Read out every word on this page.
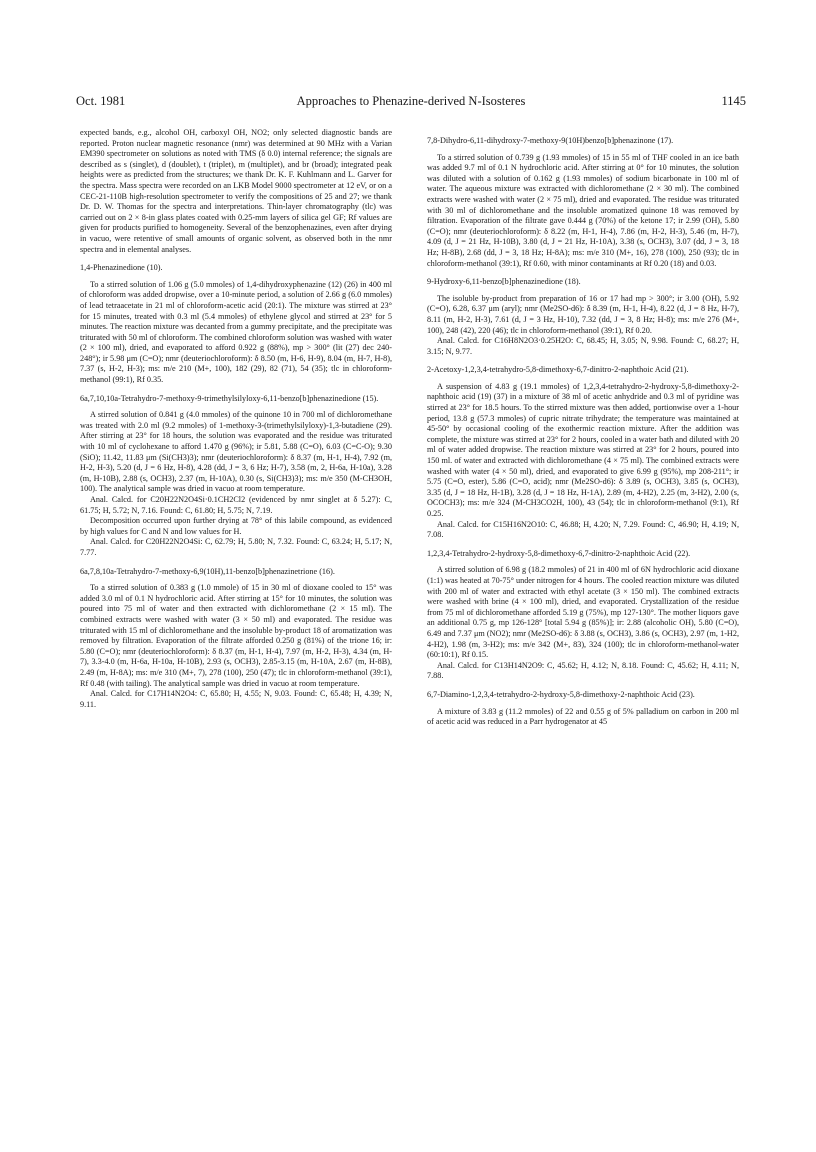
Oct. 1981	Approaches to Phenazine-derived N-Isosteres	1145

expected bands, e.g., alcohol OH, carboxyl OH, NO2; only selected diagnostic bands are reported. Proton nuclear magnetic resonance (nmr) was determined at 90 MHz with a Varian EM390 spectrometer on solutions as noted with TMS (δ 0.0) internal reference; the signals are described as s (singlet), d (doublet), t (triplet), m (multiplet), and br (broad); integrated peak heights were as predicted from the structures; we thank Dr. K. F. Kuhlmann and L. Garver for the spectra. Mass spectra were recorded on an LKB Model 9000 spectrometer at 12 eV, or on a CEC-21-110B high-resolution spectrometer to verify the compositions of 25 and 27; we thank Dr. D. W. Thomas for the spectra and interpretations. Thin-layer chromatography (tlc) was carried out on 2 × 8-in glass plates coated with 0.25-mm layers of silica gel GF; Rf values are given for products purified to homogeneity. Several of the benzophenazines, even after drying in vacuo, were retentive of small amounts of organic solvent, as observed both in the nmr spectra and in elemental analyses.

1,4-Phenazinedione (10).

To a stirred solution of 1.06 g (5.0 mmoles) of 1,4-dihydroxyphenazine (12) (26) in 400 ml of chloroform was added dropwise, over a 10-minute period, a solution of 2.66 g (6.0 mmoles) of lead tetraacetate in 21 ml of chloroform-acetic acid (20:1). The mixture was stirred at 23° for 15 minutes, treated with 0.3 ml (5.4 mmoles) of ethylene glycol and stirred at 23° for 5 minutes. The reaction mixture was decanted from a gummy precipitate, and the precipitate was triturated with 50 ml of chloroform. The combined chloroform solution was washed with water (2 × 100 ml), dried, and evaporated to afford 0.922 g (88%), mp > 300° (lit (27) dec 240-248°); ir 5.98 μm (C=O); nmr (deuteriochloroform): δ 8.50 (m, H-6, H-9), 8.04 (m, H-7, H-8), 7.37 (s, H-2, H-3); ms: m/e 210 (M+, 100), 182 (29), 82 (71), 54 (35); tlc in chloroform-methanol (99:1), Rf 0.35.

6a,7,10,10a-Tetrahydro-7-methoxy-9-trimethylsilyloxy-6,11-benzo[b]phenazinedione (15).

A stirred solution of 0.841 g (4.0 mmoles) of the quinone 10 in 700 ml of dichloromethane was treated with 2.0 ml (9.2 mmoles) of 1-methoxy-3-(trimethylsilyloxy)-1,3-butadiene (29). After stirring at 23° for 18 hours, the solution was evaporated and the residue was triturated with 10 ml of cyclohexane to afford 1.470 g (96%); ir 5.81, 5.88 (C=O), 6.03 (C=C-O); 9.30 (SiO); 11.42, 11.83 μm (Si(CH3)3); nmr (deuteriochloroform): δ 8.37 (m, H-1, H-4), 7.92 (m, H-2, H-3), 5.20 (d, J = 6 Hz, H-8), 4.28 (dd, J = 3, 6 Hz; H-7), 3.58 (m, 2, H-6a, H-10a), 3.28 (m, H-10B), 2.88 (s, OCH3), 2.37 (m, H-10A), 0.30 (s, Si(CH3)3); ms: m/e 350 (M-CH3OH, 100). The analytical sample was dried in vacuo at room temperature.

Anal. Calcd. for C20H22N2O4Si·0.1CH2Cl2 (evidenced by nmr singlet at δ 5.27): C, 61.75; H, 5.72; N, 7.16. Found: C, 61.80; H, 5.75; N, 7.19.

Decomposition occurred upon further drying at 78° of this labile compound, as evidenced by high values for C and N and low values for H.

Anal. Calcd. for C20H22N2O4Si: C, 62.79; H, 5.80; N, 7.32. Found: C, 63.24; H, 5.17; N, 7.77.

6a,7,8,10a-Tetrahydro-7-methoxy-6,9(10H),11-benzo[b]phenazinetrione (16).

To a stirred solution of 0.383 g (1.0 mmole) of 15 in 30 ml of dioxane cooled to 15° was added 3.0 ml of 0.1 N hydrochloric acid. After stirring at 15° for 10 minutes, the solution was poured into 75 ml of water and then extracted with dichloromethane (2 × 15 ml). The combined extracts were washed with water (3 × 50 ml) and evaporated. The residue was triturated with 15 ml of dichloromethane and the insoluble by-product 18 of aromatization was removed by filtration. Evaporation of the filtrate afforded 0.250 g (81%) of the trione 16; ir: 5.80 (C=O); nmr (deuteriochloroform): δ 8.37 (m, H-1, H-4), 7.97 (m, H-2, H-3), 4.34 (m, H-7), 3.3-4.0 (m, H-6a, H-10a, H-10B), 2.93 (s, OCH3), 2.85-3.15 (m, H-10A, 2.67 (m, H-8B), 2.49 (m, H-8A); ms: m/e 310 (M+, 7), 278 (100), 250 (47); tlc in chloroform-methanol (39:1), Rf 0.48 (with tailing). The analytical sample was dried in vacuo at room temperature.

Anal. Calcd. for C17H14N2O4: C, 65.80; H, 4.55; N, 9.03. Found: C, 65.48; H, 4.39; N, 9.11.

7,8-Dihydro-6,11-dihydroxy-7-methoxy-9(10H)benzo[b]phenazinone (17).

To a stirred solution of 0.739 g (1.93 mmoles) of 15 in 55 ml of THF cooled in an ice bath was added 9.7 ml of 0.1 N hydrochloric acid. After stirring at 0° for 10 minutes, the solution was diluted with a solution of 0.162 g (1.93 mmoles) of sodium bicarbonate in 100 ml of water. The aqueous mixture was extracted with dichloromethane (2 × 30 ml). The combined extracts were washed with water (2 × 75 ml), dried and evaporated. The residue was triturated with 30 ml of dichloromethane and the insoluble aromatized quinone 18 was removed by filtration. Evaporation of the filtrate gave 0.444 g (70%) of the ketone 17; ir 2.99 (OH), 5.80 (C=O); nmr (deuteriochloroform): δ 8.22 (m, H-1, H-4), 7.86 (m, H-2, H-3), 5.46 (m, H-7), 4.09 (d, J = 21 Hz, H-10B), 3.80 (d, J = 21 Hz, H-10A), 3.38 (s, OCH3), 3.07 (dd, J = 3, 18 Hz; H-8B), 2.68 (dd, J = 3, 18 Hz; H-8A); ms: m/e 310 (M+, 16), 278 (100), 250 (93); tlc in chloroform-methanol (39:1), Rf 0.60, with minor contaminants at Rf 0.20 (18) and 0.03.

9-Hydroxy-6,11-benzo[b]phenazinedione (18).

The isoluble by-product from preparation of 16 or 17 had mp > 300°; ir 3.00 (OH), 5.92 (C=O), 6.28, 6.37 μm (aryl); nmr (Me2SO-d6): δ 8.39 (m, H-1, H-4), 8.22 (d, J = 8 Hz, H-7), 8.11 (m, H-2, H-3), 7.61 (d, J = 3 Hz, H-10), 7.32 (dd, J = 3, 8 Hz; H-8); ms: m/e 276 (M+, 100), 248 (42), 220 (46); tlc in chloroform-methanol (39:1), Rf 0.20.

Anal. Calcd. for C16H8N2O3·0.25H2O: C, 68.45; H, 3.05; N, 9.98. Found: C, 68.27; H, 3.15; N, 9.77.

2-Acetoxy-1,2,3,4-tetrahydro-5,8-dimethoxy-6,7-dinitro-2-naphthoic Acid (21).

A suspension of 4.83 g (19.1 mmoles) of 1,2,3,4-tetrahydro-2-hydroxy-5,8-dimethoxy-2-naphthoic acid (19) (37) in a mixture of 38 ml of acetic anhydride and 0.3 ml of pyridine was stirred at 23° for 18.5 hours. To the stirred mixture was then added, portionwise over a 1-hour period, 13.8 g (57.3 mmoles) of cupric nitrate trihydrate; the temperature was maintained at 45-50° by occasional cooling of the exothermic reaction mixture. After the addition was complete, the mixture was stirred at 23° for 2 hours, cooled in a water bath and diluted with 20 ml of water added dropwise. The reaction mixture was stirred at 23° for 2 hours, poured into 150 ml. of water and extracted with dichloromethane (4 × 75 ml). The combined extracts were washed with water (4 × 50 ml), dried, and evaporated to give 6.99 g (95%), mp 208-211°; ir 5.75 (C=O, ester), 5.86 (C=O, acid); nmr (Me2SO-d6): δ 3.89 (s, OCH3), 3.85 (s, OCH3), 3.35 (d, J = 18 Hz, H-1B), 3.28 (d, J = 18 Hz, H-1A), 2.89 (m, 4-H2), 2.25 (m, 3-H2), 2.00 (s, OCOCH3); ms: m/e 324 (M-CH3CO2H, 100), 43 (54); tlc in chloroform-methanol (9:1), Rf 0.25.

Anal. Calcd. for C15H16N2O10: C, 46.88; H, 4.20; N, 7.29. Found: C, 46.90; H, 4.19; N, 7.08.

1,2,3,4-Tetrahydro-2-hydroxy-5,8-dimethoxy-6,7-dinitro-2-naphthoic Acid (22).

A stirred solution of 6.98 g (18.2 mmoles) of 21 in 400 ml of 6N hydrochloric acid dioxane (1:1) was heated at 70-75° under nitrogen for 4 hours. The cooled reaction mixture was diluted with 200 ml of water and extracted with ethyl acetate (3 × 150 ml). The combined extracts were washed with brine (4 × 100 ml), dried, and evaporated. Crystallization of the residue from 75 ml of dichloromethane afforded 5.19 g (75%), mp 127-130°. The mother liquors gave an additional 0.75 g, mp 126-128° [total 5.94 g (85%)]; ir: 2.88 (alcoholic OH), 5.80 (C=O), 6.49 and 7.37 μm (NO2); nmr (Me2SO-d6): δ 3.88 (s, OCH3), 3.86 (s, OCH3), 2.97 (m, 1-H2, 4-H2), 1.98 (m, 3-H2); ms: m/e 342 (M+, 83), 324 (100); tlc in chloroform-methanol-water (60:10:1), Rf 0.15.

Anal. Calcd. for C13H14N2O9: C, 45.62; H, 4.12; N, 8.18. Found: C, 45.62; H, 4.11; N, 7.88.

6,7-Diamino-1,2,3,4-tetrahydro-2-hydroxy-5,8-dimethoxy-2-naphthoic Acid (23).

A mixture of 3.83 g (11.2 mmoles) of 22 and 0.55 g of 5% palladium on carbon in 200 ml of acetic acid was reduced in a Parr hydrogenator at 45
